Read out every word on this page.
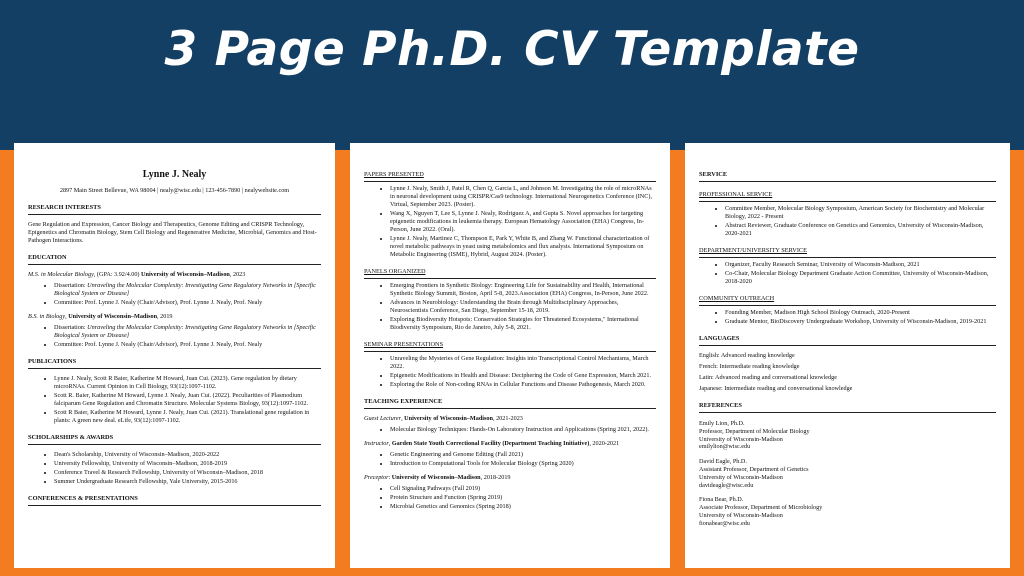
3 Page Ph.D. CV Template
Lynne J. Nealy
2897 Main Street Bellevue, WA 98004 | nealy@wisc.edu | 123-456-7890 | nealywebsite.com
RESEARCH INTERESTS
Gene Regulation and Expression, Cancer Biology and Therapeutics, Genome Editing and CRISPR Technology, Epigenetics and Chromatin Biology, Stem Cell Biology and Regenerative Medicine, Microbial, Genomics and Host-Pathogen Interactions.
EDUCATION
M.S. in Molecular Biology, (GPA: 3.92/4.00) University of Wisconsin–Madison, 2023
• Dissertation: Unraveling the Molecular Complexity: Investigating Gene Regulatory Networks in [Specific Biological System or Disease]
• Committee: Prof. Lynne J. Nealy (Chair/Advisor), Prof. Lynne J. Nealy, Prof. Nealy
B.S. in Biology, University of Wisconsin–Madison, 2019
• Dissertation: Unraveling the Molecular Complexity: Investigating Gene Regulatory Networks in [Specific Biological System or Disease]
• Committee: Prof. Lynne J. Nealy (Chair/Advisor), Prof. Lynne J. Nealy, Prof. Nealy
PUBLICATIONS
• Lynne J. Nealy, Scott R Baier, Katherine M Howard, Juan Cui. (2023). Gene regulation by dietary microRNAs. Current Opinion in Cell Biology, 93(12):1097-1102.
• Scott R. Baier, Katherine M Howard, Lynne J. Nealy, Juan Cui. (2022). Peculiarities of Plasmodium falciparum Gene Regulation and Chromatin Structure. Molecular Systems Biology, 93(12):1097-1102.
• Scott R Baier, Katherine M Howard, Lynne J. Nealy, Juan Cui. (2021). Translational gene regulation in plants: A green new deal. eLife, 93(12):1097-1102.
SCHOLARSHIPS & AWARDS
• Dean's Scholarship, University of Wisconsin–Madison, 2020-2022
• University Fellowship, University of Wisconsin–Madison, 2018-2019
• Conference Travel & Research Fellowship, University of Wisconsin–Madison, 2018
• Summer Undergraduate Research Fellowship, Yale University, 2015-2016
CONFERENCES & PRESENTATIONS
PAPERS PRESENTED
• Lynne J. Nealy, Smith J, Patel R, Chen Q, Garcia L, and Johnson M. Investigating the role of microRNAs in neuronal development using CRISPR/Cas9 technology. International Neurogenetics Conference (INC), Virtual, September 2023. (Poster).
• Wang X, Nguyen T, Lee S, Lynne J. Nealy, Rodriguez A, and Gupta S. Novel approaches for targeting epigenetic modifications in leukemia therapy. European Hematology Association (EHA) Congress, In-Person, June 2022. (Oral).
• Lynne J. Nealy, Martinez C, Thompson E, Park Y, White B, and Zhang W. Functional characterization of novel metabolic pathways in yeast using metabolomics and flux analysis. International Symposium on Metabolic Engineering (ISME), Hybrid, August 2024. (Poster).
PANELS ORGANIZED
• Emerging Frontiers in Synthetic Biology: Engineering Life for Sustainability and Health, International Synthetic Biology Summit, Boston, April 5-8, 2023.Association (EHA) Congress, In-Person, June 2022.
• Advances in Neurobiology: Understanding the Brain through Multidisciplinary Approaches, Neuroscientists Conference, San Diego, September 15-18, 2019.
• Exploring Biodiversity Hotspots: Conservation Strategies for Threatened Ecosystems," International Biodiversity Symposium, Rio de Janeiro, July 5-8, 2021.
SEMINAR PRESENTATIONS
• Unraveling the Mysteries of Gene Regulation: Insights into Transcriptional Control Mechanisms, March 2022.
• Epigenetic Modifications in Health and Disease: Deciphering the Code of Gene Expression, March 2021.
• Exploring the Role of Non-coding RNAs in Cellular Functions and Disease Pathogenesis, March 2020.
TEACHING EXPERIENCE
Guest Lecturer, University of Wisconsin–Madison, 2021-2023
• Molecular Biology Techniques: Hands-On Laboratory Instruction and Applications (Spring 2021, 2022).
Instructor, Garden State Youth Correctional Facility (Department Teaching Initiative), 2020-2021
• Genetic Engineering and Genome Editing (Fall 2021)
• Introduction to Computational Tools for Molecular Biology (Spring 2020)
Preceptor: University of Wisconsin–Madison, 2018-2019
• Cell Signaling Pathways (Fall 2019)
• Protein Structure and Function (Spring 2019)
• Microbial Genetics and Genomics (Spring 2018)
SERVICE
PROFESSIONAL SERVICE
• Committee Member, Molecular Biology Symposium, American Society for Biochemistry and Molecular Biology, 2022 - Present
• Abstract Reviewer, Graduate Conference on Genetics and Genomics, University of Wisconsin-Madison, 2020-2021
DEPARTMENT/UNIVERSITY SERVICE
• Organizer, Faculty Research Seminar, University of Wisconsin-Madison, 2021
• Co-Chair, Molecular Biology Department Graduate Action Committee, University of Wisconsin-Madison, 2018-2020
COMMUNITY OUTREACH
• Founding Member, Madison High School Biology Outreach, 2020-Present
• Graduate Mentor, BioDiscovery Undergraduate Workshop, University of Wisconsin-Madison, 2019-2021
LANGUAGES
English: Advanced reading knowledge
French: Intermediate reading knowledge
Latin: Advanced reading and conversational knowledge
Japanese: Intermediate reading and conversational knowledge
REFERENCES
Emily Lion, Ph.D.
Professor, Department of Molecular Biology
University of Wisconsin-Madison
emilylion@wisc.edu
David Eagle, Ph.D.
Assistant Professor, Department of Genetics
University of Wisconsin-Madison
davideagle@wisc.edu
Fiona Bear, Ph.D.
Associate Professor, Department of Microbiology
University of Wisconsin-Madison
fionabear@wisc.edu
